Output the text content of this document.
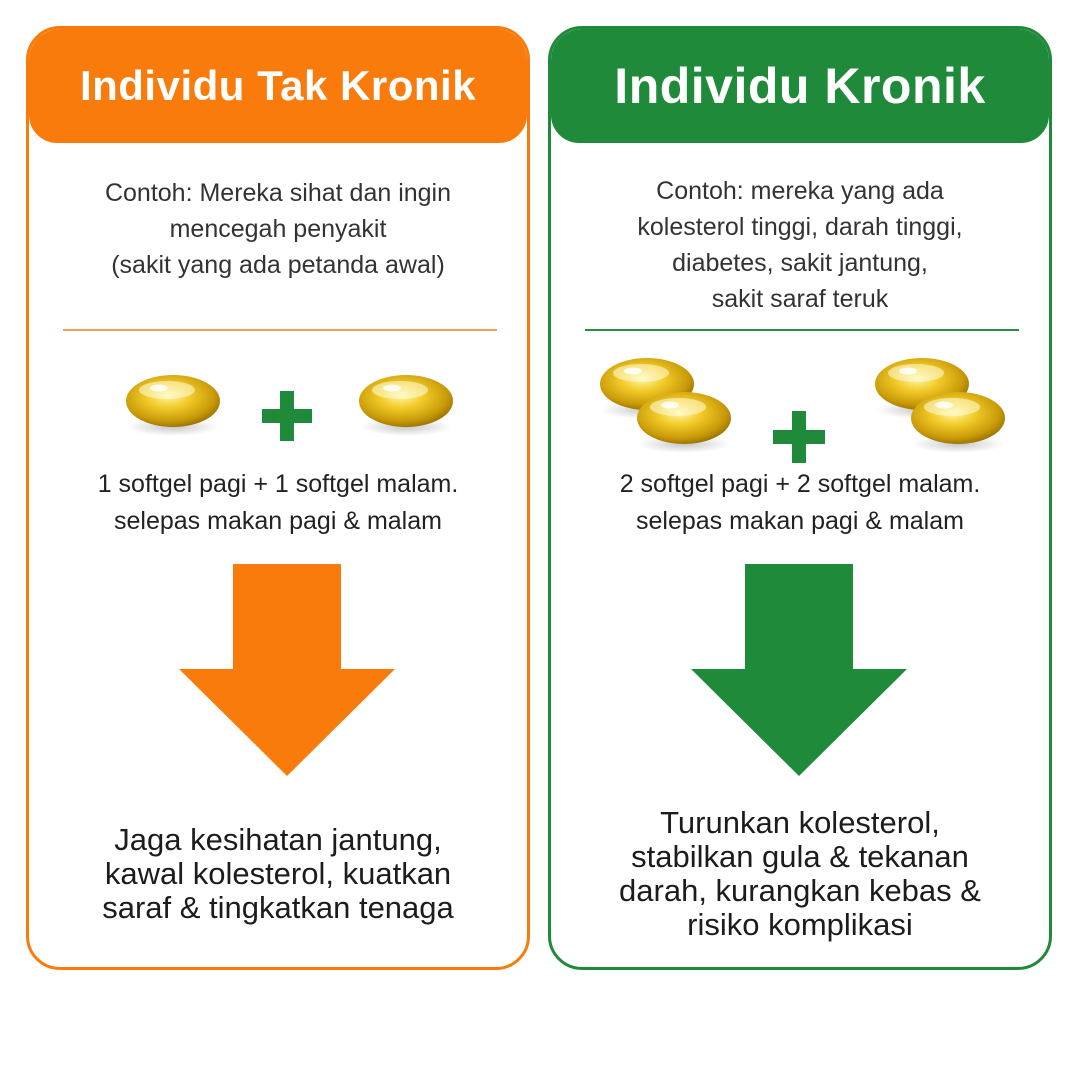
Individu Tak Kronik
Contoh: Mereka sihat dan ingin
mencegah penyakit
(sakit yang ada petanda awal)
1 softgel pagi + 1 softgel malam.
selepas makan pagi & malam
Jaga kesihatan jantung,
kawal kolesterol, kuatkan
saraf & tingkatkan tenaga
Individu Kronik
Contoh: mereka yang ada
kolesterol tinggi, darah tinggi,
diabetes, sakit jantung,
sakit saraf teruk
2 softgel pagi + 2 softgel malam.
selepas makan pagi & malam
Turunkan kolesterol,
stabilkan gula & tekanan
darah, kurangkan kebas &
risiko komplikasi
